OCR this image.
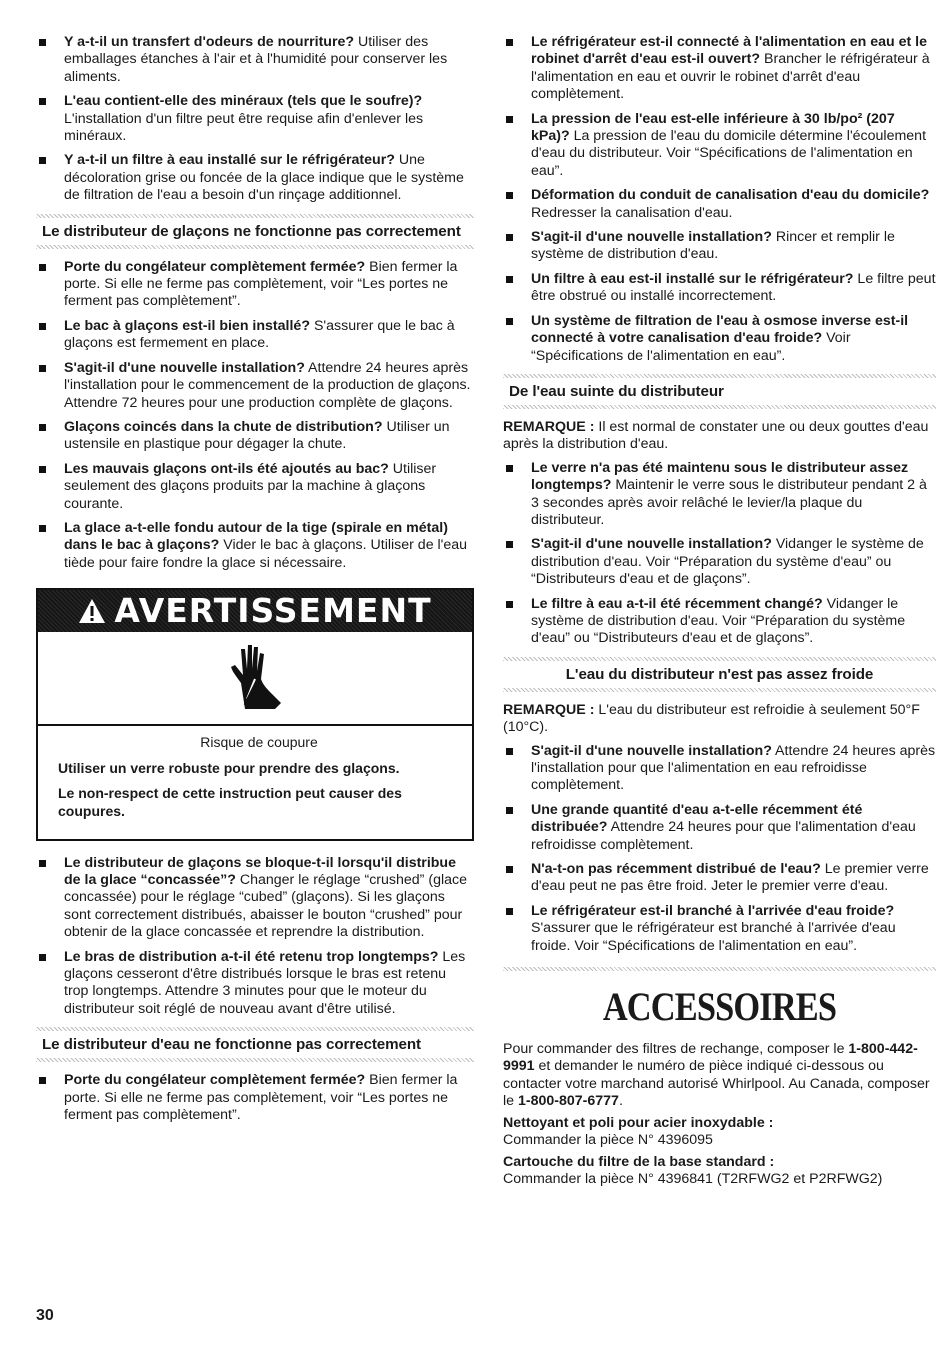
Y a-t-il un transfert d'odeurs de nourriture? Utiliser des emballages étanches à l'air et à l'humidité pour conserver les aliments.
L'eau contient-elle des minéraux (tels que le soufre)? L'installation d'un filtre peut être requise afin d'enlever les minéraux.
Y a-t-il un filtre à eau installé sur le réfrigérateur? Une décoloration grise ou foncée de la glace indique que le système de filtration de l'eau a besoin d'un rinçage additionnel.
Le distributeur de glaçons ne fonctionne pas correctement
Porte du congélateur complètement fermée? Bien fermer la porte. Si elle ne ferme pas complètement, voir “Les portes ne ferment pas complètement”.
Le bac à glaçons est-il bien installé? S'assurer que le bac à glaçons est fermement en place.
S'agit-il d'une nouvelle installation? Attendre 24 heures après l'installation pour le commencement de la production de glaçons. Attendre 72 heures pour une production complète de glaçons.
Glaçons coincés dans la chute de distribution? Utiliser un ustensile en plastique pour dégager la chute.
Les mauvais glaçons ont-ils été ajoutés au bac? Utiliser seulement des glaçons produits par la machine à glaçons courante.
La glace a-t-elle fondu autour de la tige (spirale en métal) dans le bac à glaçons? Vider le bac à glaçons. Utiliser de l'eau tiède pour faire fondre la glace si nécessaire.
AVERTISSEMENT
Risque de coupure
Utiliser un verre robuste pour prendre des glaçons.
Le non-respect de cette instruction peut causer des coupures.
Le distributeur de glaçons se bloque-t-il lorsqu'il distribue de la glace “concassée”? Changer le réglage “crushed” (glace concassée) pour le réglage “cubed” (glaçons). Si les glaçons sont correctement distribués, abaisser le bouton “crushed” pour obtenir de la glace concassée et reprendre la distribution.
Le bras de distribution a-t-il été retenu trop longtemps? Les glaçons cesseront d'être distribués lorsque le bras est retenu trop longtemps. Attendre 3 minutes pour que le moteur du distributeur soit réglé de nouveau avant d'être utilisé.
Le distributeur d'eau ne fonctionne pas correctement
Porte du congélateur complètement fermée? Bien fermer la porte. Si elle ne ferme pas complètement, voir “Les portes ne ferment pas complètement”.
Le réfrigérateur est-il connecté à l'alimentation en eau et le robinet d'arrêt d'eau est-il ouvert? Brancher le réfrigérateur à l'alimentation en eau et ouvrir le robinet d'arrêt d'eau complètement.
La pression de l'eau est-elle inférieure à 30 lb/po² (207 kPa)? La pression de l'eau du domicile détermine l'écoulement d'eau du distributeur. Voir “Spécifications de l'alimentation en eau”.
Déformation du conduit de canalisation d'eau du domicile? Redresser la canalisation d'eau.
S'agit-il d'une nouvelle installation? Rincer et remplir le système de distribution d'eau.
Un filtre à eau est-il installé sur le réfrigérateur? Le filtre peut être obstrué ou installé incorrectement.
Un système de filtration de l'eau à osmose inverse est-il connecté à votre canalisation d'eau froide? Voir “Spécifications de l'alimentation en eau”.
De l'eau suinte du distributeur
REMARQUE : Il est normal de constater une ou deux gouttes d'eau après la distribution d'eau.
Le verre n'a pas été maintenu sous le distributeur assez longtemps? Maintenir le verre sous le distributeur pendant 2 à 3 secondes après avoir relâché le levier/la plaque du distributeur.
S'agit-il d'une nouvelle installation? Vidanger le système de distribution d'eau. Voir “Préparation du système d'eau” ou “Distributeurs d'eau et de glaçons”.
Le filtre à eau a-t-il été récemment changé? Vidanger le système de distribution d'eau. Voir “Préparation du système d'eau” ou “Distributeurs d'eau et de glaçons”.
L'eau du distributeur n'est pas assez froide
REMARQUE : L'eau du distributeur est refroidie à seulement 50°F (10°C).
S'agit-il d'une nouvelle installation? Attendre 24 heures après l'installation pour que l'alimentation en eau refroidisse complètement.
Une grande quantité d'eau a-t-elle récemment été distribuée? Attendre 24 heures pour que l'alimentation d'eau refroidisse complètement.
N'a-t-on pas récemment distribué de l'eau? Le premier verre d'eau peut ne pas être froid. Jeter le premier verre d'eau.
Le réfrigérateur est-il branché à l'arrivée d'eau froide? S'assurer que le réfrigérateur est branché à l'arrivée d'eau froide. Voir “Spécifications de l'alimentation en eau”.
ACCESSOIRES
Pour commander des filtres de rechange, composer le 1-800-442-9991 et demander le numéro de pièce indiqué ci-dessous ou contacter votre marchand autorisé Whirlpool. Au Canada, composer le 1-800-807-6777.
Nettoyant et poli pour acier inoxydable :
Commander la pièce N° 4396095
Cartouche du filtre de la base standard :
Commander la pièce N° 4396841 (T2RFWG2 et P2RFWG2)
30
